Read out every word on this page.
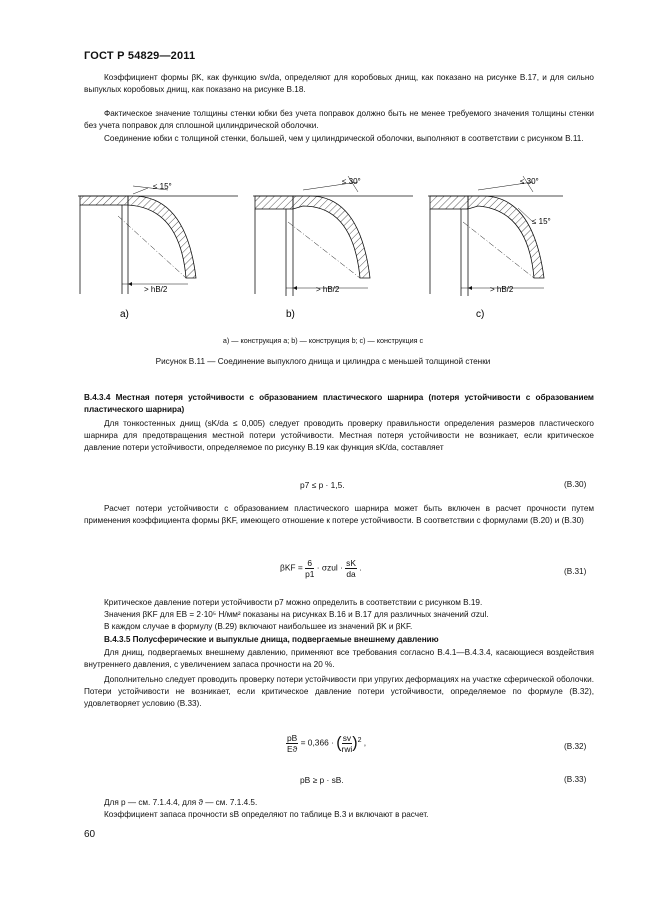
ГОСТ Р 54829—2011
Коэффициент формы βK, как функцию sv/dа, определяют для коробовых днищ, как показано на рисунке В.17, и для сильно выпуклых коробовых днищ, как показано на рисунке В.18.
Фактическое значение толщины стенки юбки без учета поправок должно быть не менее требуемого значения толщины стенки без учета поправок для сплошной цилиндрической оболочки.
Соединение юбки с толщиной стенки, большей, чем у цилиндрической оболочки, выполняют в соответствии с рисунком В.11.
≤ 15°
> hB/2
a)
≤ 30°
> hB/2
b)
≤ 30°
≤ 15°
> hB/2
c)
а) — конструкция a; b) — конструкция b; c) — конструкция c
Рисунок В.11 — Соединение выпуклого днища и цилиндра с меньшей толщиной стенки
В.4.3.4 Местная потеря устойчивости с образованием пластического шарнира (потеря устойчивости с образованием пластического шарнира)
Для тонкостенных днищ (sK/dа ≤ 0,005) следует проводить проверку правильности определения размеров пластического шарнира для предотвращения местной потери устойчивости. Местная потеря устойчивости не возникает, если критическое давление потери устойчивости, определяемое по рисунку В.19 как функция sK/dа, составляет
p7 ≤ p · 1,5.	(В.30)
Расчет потери устойчивости с образованием пластического шарнира может быть включен в расчет прочности путем применения коэффициента формы βKF, имеющего отношение к потере устойчивости. В соответствии с формулами (В.20) и (В.30)
$\beta KF = \frac{6}{p1} \cdot \sigma zul \cdot \frac{sK}{dа}$ .	(В.31)
Критическое давление потери устойчивости p7 можно определить в соответствии с рисунком В.19.
Значения βKF для EB = 2·10⁵ Н/мм² показаны на рисунках В.16 и В.17 для различных значений σzul.
В каждом случае в формулу (В.29) включают наибольшее из значений βK и βKF.
В.4.3.5 Полусферические и выпуклые днища, подвергаемые внешнему давлению
Для днищ, подвергаемых внешнему давлению, применяют все требования согласно В.4.1—В.4.3.4, касающиеся воздействия внутреннего давления, с увеличением запаса прочности на 20 %.
Дополнительно следует проводить проверку потери устойчивости при упругих деформациях на участке сферической оболочки. Потери устойчивости не возникает, если критическое давление потери устойчивости, определяемое по формуле (В.32), удовлетворяет условию (В.33).
$\frac{pB}{Eϑ} = 0,366$ · ( $\frac{sv}{\text{rwi}} )^2$ ,	(В.32)
pB ≥ p · sB.	(В.33)
Для p — см. 7.1.4.4, для ϑ — см. 7.1.4.5.
Коэффициент запаса прочности sB определяют по таблице В.3 и включают в расчет.
60
